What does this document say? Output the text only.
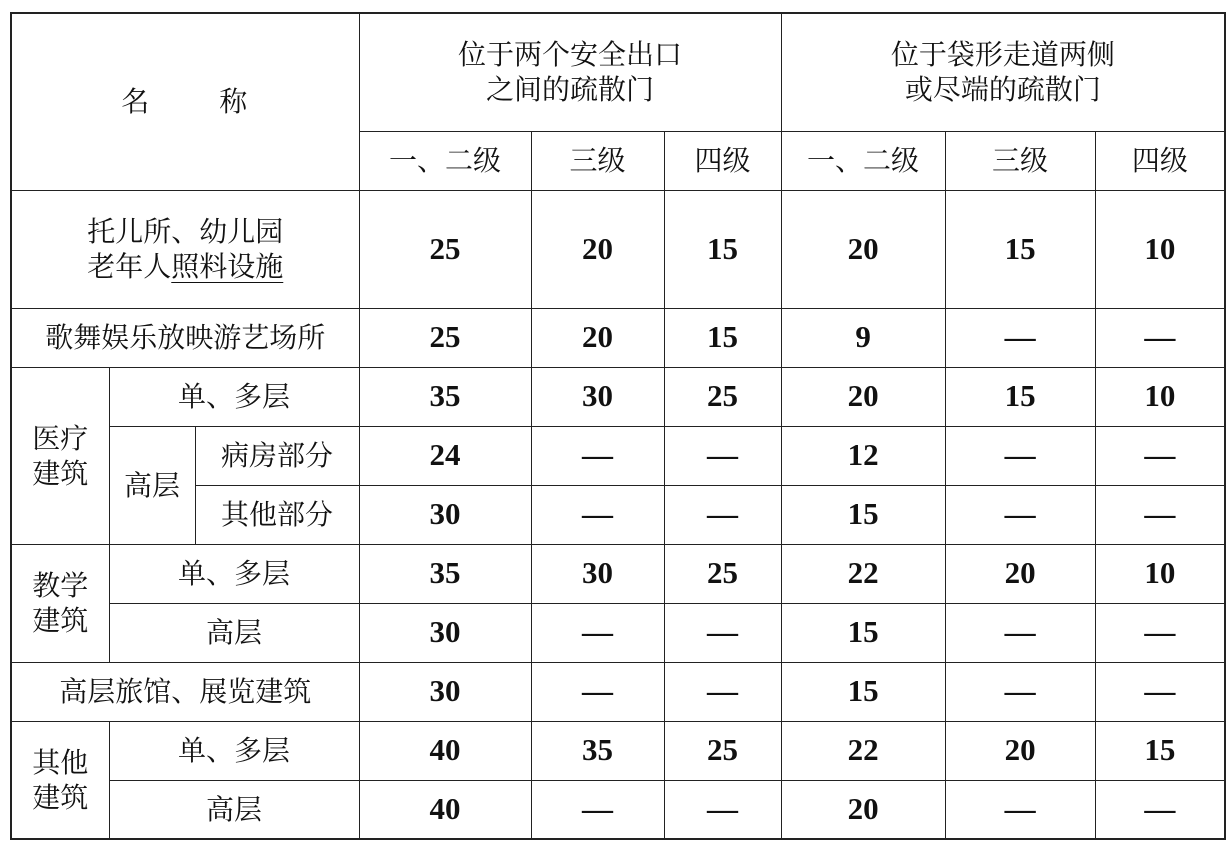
名称			位于两个安全出口
之间的疏散门			位于袋形走道两侧
或尽端的疏散门		

			一、二级	三级	四级	一、二级	三级	四级

托儿所、幼儿园
老年人照料设施			25	20	15	20	15	10
歌舞娱乐放映游艺场所			25	20	15	9	—	—

医疗
建筑	单、多层		35	30	25	20	15	10
	高层	病房部分	24	—	—	12	—	—
		其他部分	30	—	—	15	—	—

教学
建筑	单、多层		35	30	25	22	20	10
	高层		30	—	—	15	—	—
高层旅馆、展览建筑			30	—	—	15	—	—

其他
建筑	单、多层		40	35	25	22	20	15
	高层		40	—	—	20	—	—
